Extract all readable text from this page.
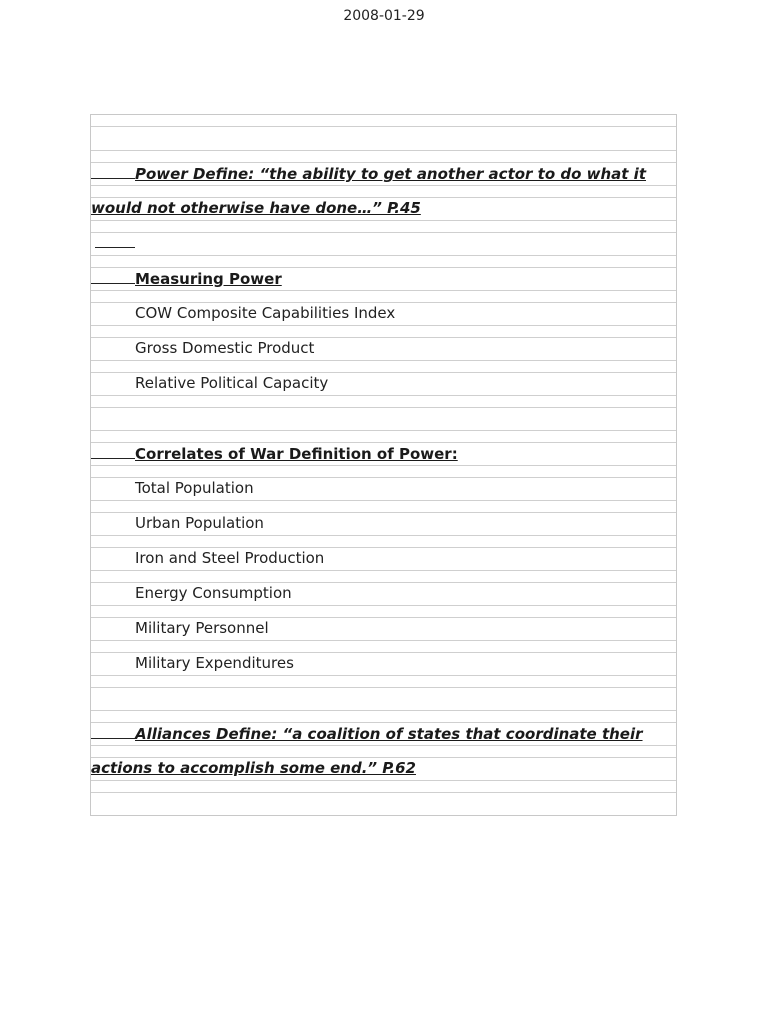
2008-01-29
Power Define: “the ability to get another actor to do what it
would not otherwise have done…” P.45
Measuring Power
COW Composite Capabilities Index
Gross Domestic Product
Relative Political Capacity
Correlates of War Definition of Power:
Total Population
Urban Population
Iron and Steel Production
Energy Consumption
Military Personnel
Military Expenditures
Alliances Define: “a coalition of states that coordinate their
actions to accomplish some end.” P.62
